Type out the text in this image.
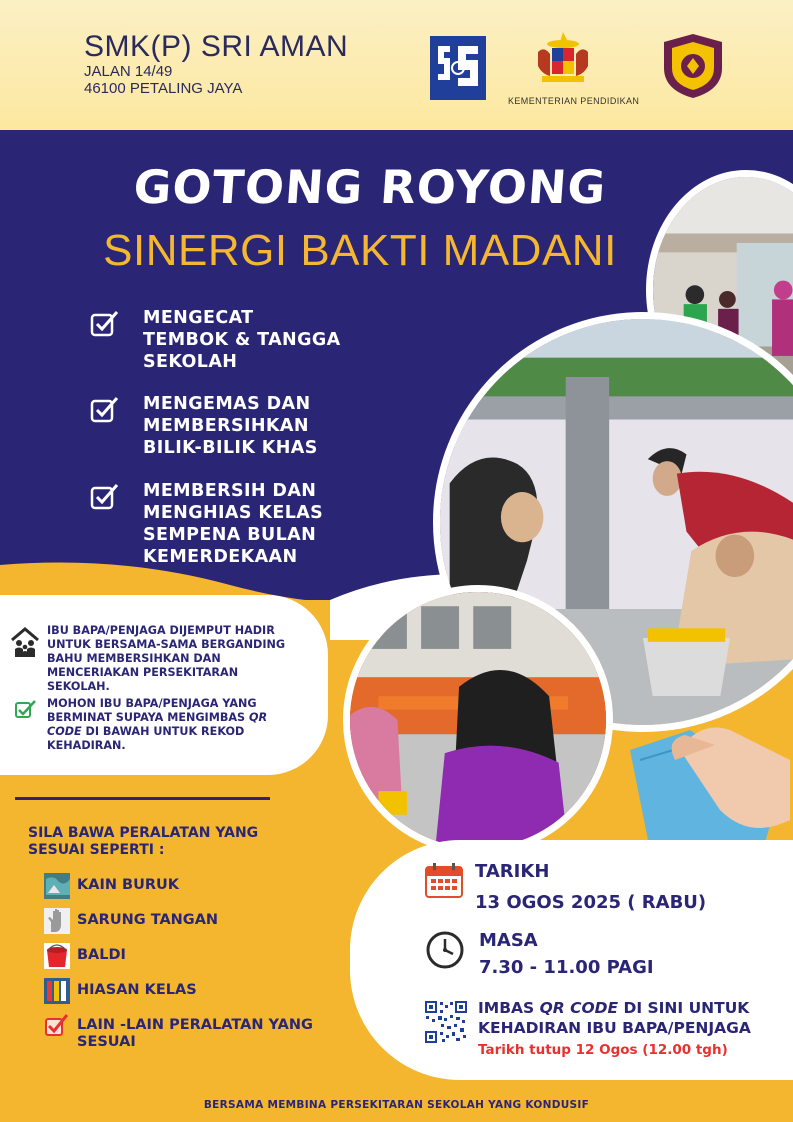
SMK(P) SRI AMAN
JALAN 14/49
46100 PETALING JAYA
KEMENTERIAN PENDIDIKAN
GOTONG ROYONG
SINERGI BAKTI MADANI
MENGECAT
TEMBOK & TANGGA
SEKOLAH
MENGEMAS DAN
MEMBERSIHKAN
BILIK-BILIK KHAS
MEMBERSIH DAN
MENGHIAS KELAS
SEMPENA BULAN
KEMERDEKAAN
IBU BAPA/PENJAGA DIJEMPUT HADIR UNTUK BERSAMA-SAMA BERGANDING BAHU MEMBERSIHKAN DAN MENCERIAKAN PERSEKITARAN SEKOLAH.
MOHON IBU BAPA/PENJAGA YANG BERMINAT SUPAYA MENGIMBAS QR CODE DI BAWAH UNTUK REKOD KEHADIRAN.
SILA BAWA PERALATAN YANG SESUAI SEPERTI :
KAIN BURUK
SARUNG TANGAN
BALDI
HIASAN KELAS
LAIN -LAIN PERALATAN YANG
SESUAI
TARIKH
13 OGOS 2025 ( RABU)
MASA
7.30 - 11.00 PAGI
IMBAS QR CODE DI SINI UNTUK KEHADIRAN IBU BAPA/PENJAGA
Tarikh tutup 12 Ogos (12.00 tgh)
BERSAMA MEMBINA PERSEKITARAN SEKOLAH YANG KONDUSIF
